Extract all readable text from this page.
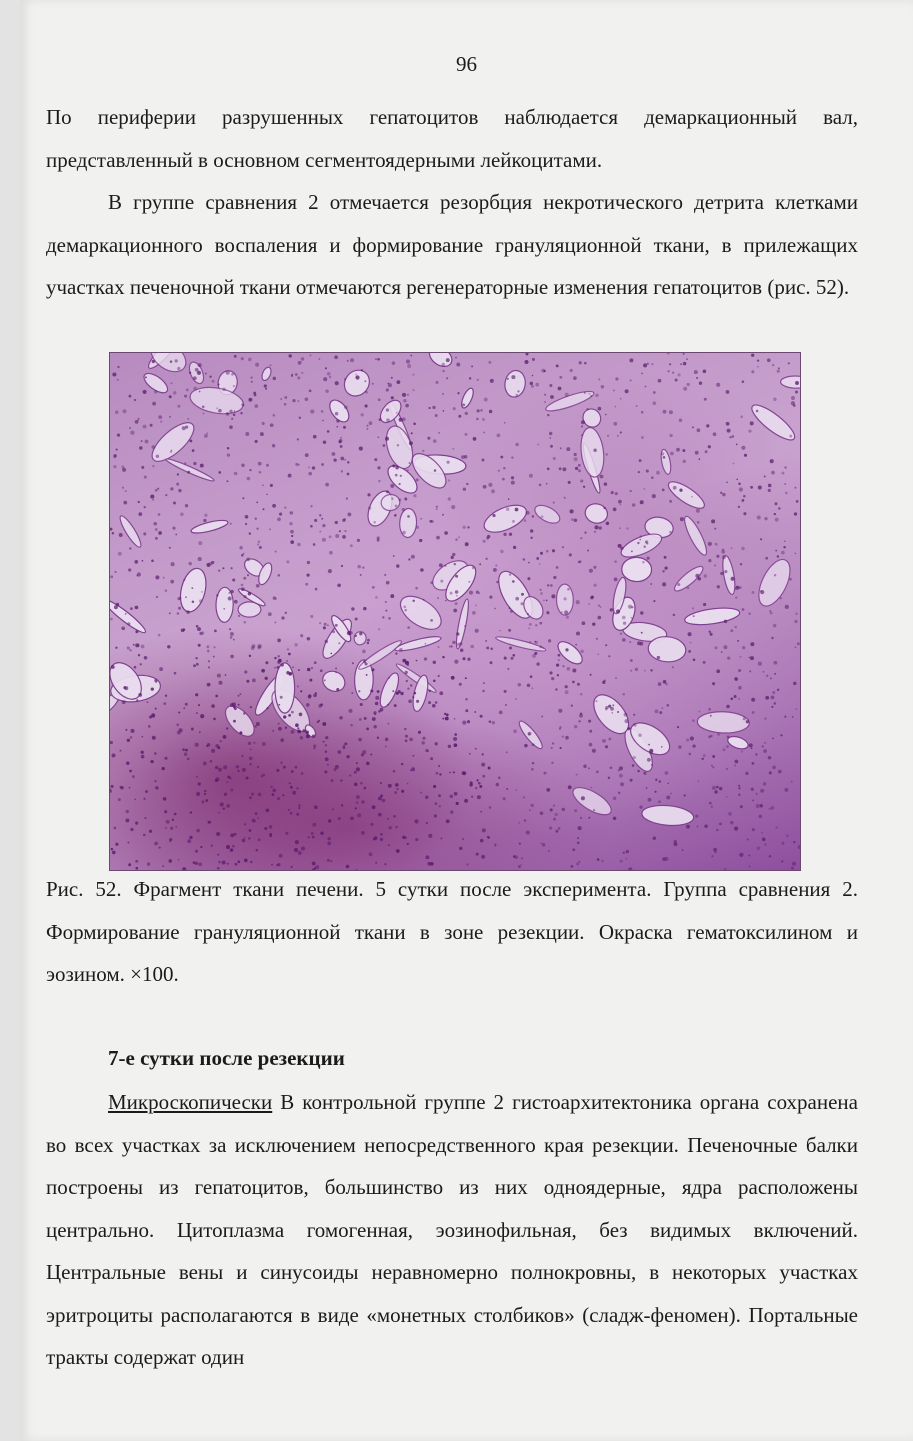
96

По периферии разрушенных гепатоцитов наблюдается демаркационный вал, представленный в основном сегментоядерными лейкоцитами.

В группе сравнения 2 отмечается резорбция некротического детрита клетками демаркационного воспаления и формирование грануляционной ткани, в прилежащих участках печеночной ткани отмечаются регенераторные изменения гепатоцитов (рис. 52).

Рис. 52. Фрагмент ткани печени. 5 сутки после эксперимента. Группа сравнения 2. Формирование грануляционной ткани в зоне резекции. Окраска гематоксилином и эозином. ×100.

7-е сутки после резекции

Микроскопически В контрольной группе 2 гистоархитектоника органа сохранена во всех участках за исключением непосредственного края резекции. Печеночные балки построены из гепатоцитов, большинство из них одноядерные, ядра расположены центрально. Цитоплазма гомогенная, эозинофильная, без видимых включений. Центральные вены и синусоиды неравномерно полнокровны, в некоторых участках эритроциты располагаются в виде «монетных столбиков» (сладж-феномен). Портальные тракты содержат один
